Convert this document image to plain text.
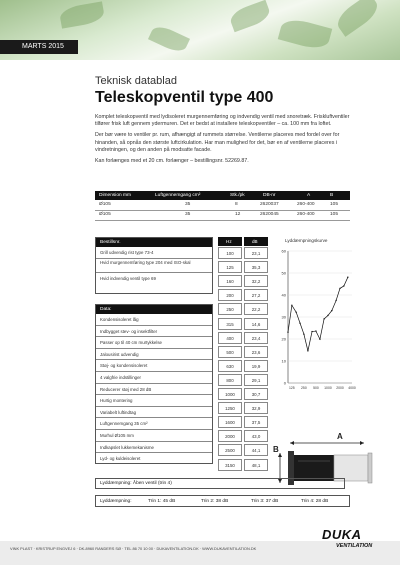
MARTS 2015
Teknisk datablad
Teleskopventil type 400

Komplet teleskopventil med lydisoleret murgennemføring og indvendig ventil med snoretræk. Friskluftventiler tilfører frisk luft gennem ydermuren. Det er bedst at installere teleskopventiler – ca. 100 mm fra loftet.

Der bør være to ventiler pr. rum, afhængigt af rummets størrelse. Ventilerne placeres med fordel over for hinanden, så opnås den største luftcirkulation. Har man mulighed for det, bør en af ventilerne placeres i vindretningen, og den anden på modsatte facade.

Kan forlænges med et 20 cm. forlænger – bestillingsnr. 52269.87.

Dimension mm	Luftgennemgang cm²	Stk./pk	DB-nr	A	B
Ø105	35	8	2620037	260-400	105
Ø105	35	12	2620045	260-400	105
Bestillsnr.
Grill udvendig rist type 73-4
Hvid murgennemføring type 204 med ISO-skal
Hvid indvendig ventil type 69
Data:
Kondensisoleret låg
Indbygget stev- og insektfilter
Passer op til 40 cm murtykkelse
Jalousirist udvendig
Støj- og kondensisoleret
4 valgfrie indstillinger
Reducerer støj med 28 dB
Hurtig montering
Variabelt luftindtag
Luftgennemgang 35 cm²
Murhul Ø105 mm
Indkapslet lukkemekanisme
Lyd- og kuldeisoleret
Hz	dB
100	23,1
125	35,3
160	32,2
200	27,2
250	22,2
315	14,6
400	23,4
500	23,6
630	19,9
800	29,1
1000	30,7
1250	32,9
1600	37,5
2000	43,0
2500	44,1
3150	48,1
Lyddæmpningskurve
60
50
40
30
20
10
0
125 250 500 1000 2000 4000
A
B
Lyddæmpning: Åben ventil (trin 4)
Lyddæmpning:	Trin 1: 45 dB	Trin 2: 38 dB	Trin 3: 37 dB	Trin 4: 28 dB
VINK PLAST · KRISTRUP ENGVEJ 6 · DK-8960 RANDERS SØ · TEL 86 70 10 00 · DUKAVENTILATION.DK · WWW.DUKAVENTILATION.DK
DUKA
VENTILATION
